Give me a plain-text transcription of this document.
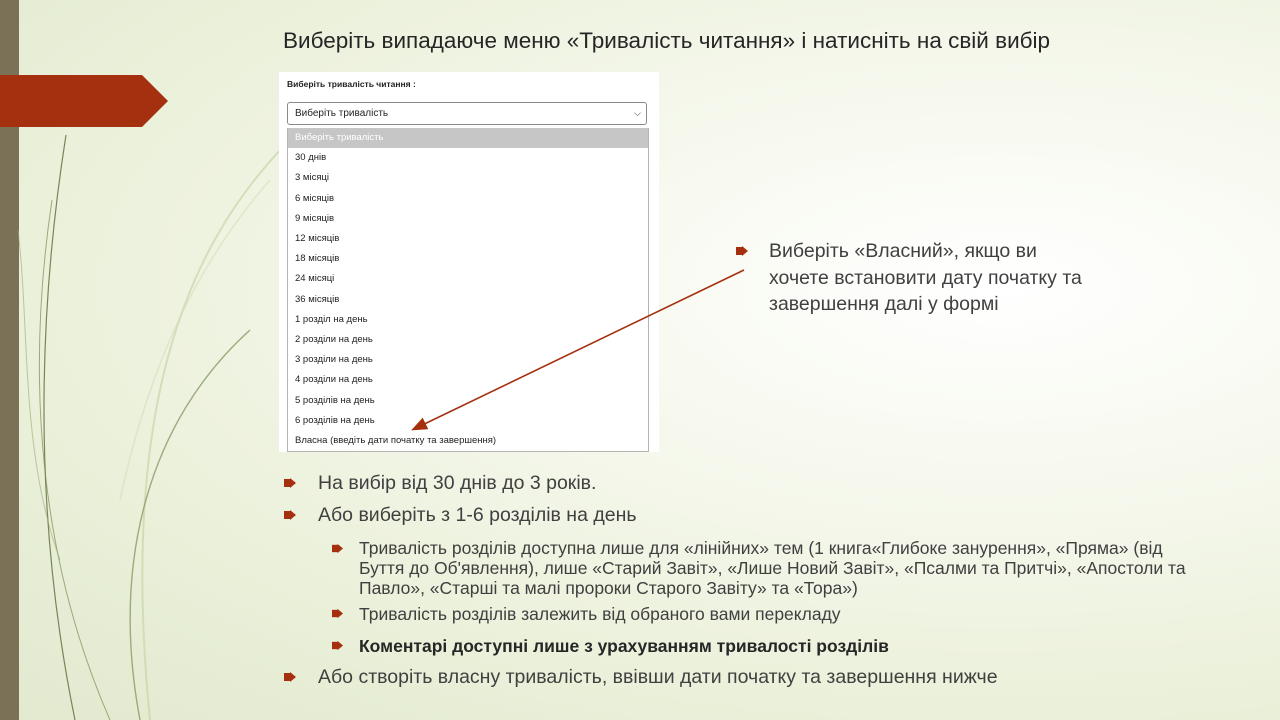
Виберіть випадаюче меню «Тривалість читання» і натисніть на свій вибір
Виберіть тривалість читання :
Виберіть тривалість	⌵
Виберіть тривалість
30 днів
3 місяці
6 місяців
9 місяців
12 місяців
18 місяців
24 місяці
36 місяців
1 розділ на день
2 розділи на день
3 розділи на день
4 розділи на день
5 розділів на день
6 розділів на день
Власна (введіть дати початку та завершення)
Виберіть «Власний», якщо ви хочете встановити дату початку та завершення далі у формі
На вибір від 30 днів до 3 років.
Або виберіть з 1-6 розділів на день
Тривалість розділів доступна лише для «лінійних» тем (1 книга«Глибоке занурення», «Пряма» (від Буття до Об'явлення), лише «Старий Завіт», «Лише Новий Завіт», «Псалми та Притчі», «Апостоли та Павло», «Старші та малі пророки Старого Завіту» та «Тора»)
Тривалість розділів залежить від обраного вами перекладу
Коментарі доступні лише з урахуванням тривалості розділів
Або створіть власну тривалість, ввівши дати початку та завершення нижче
